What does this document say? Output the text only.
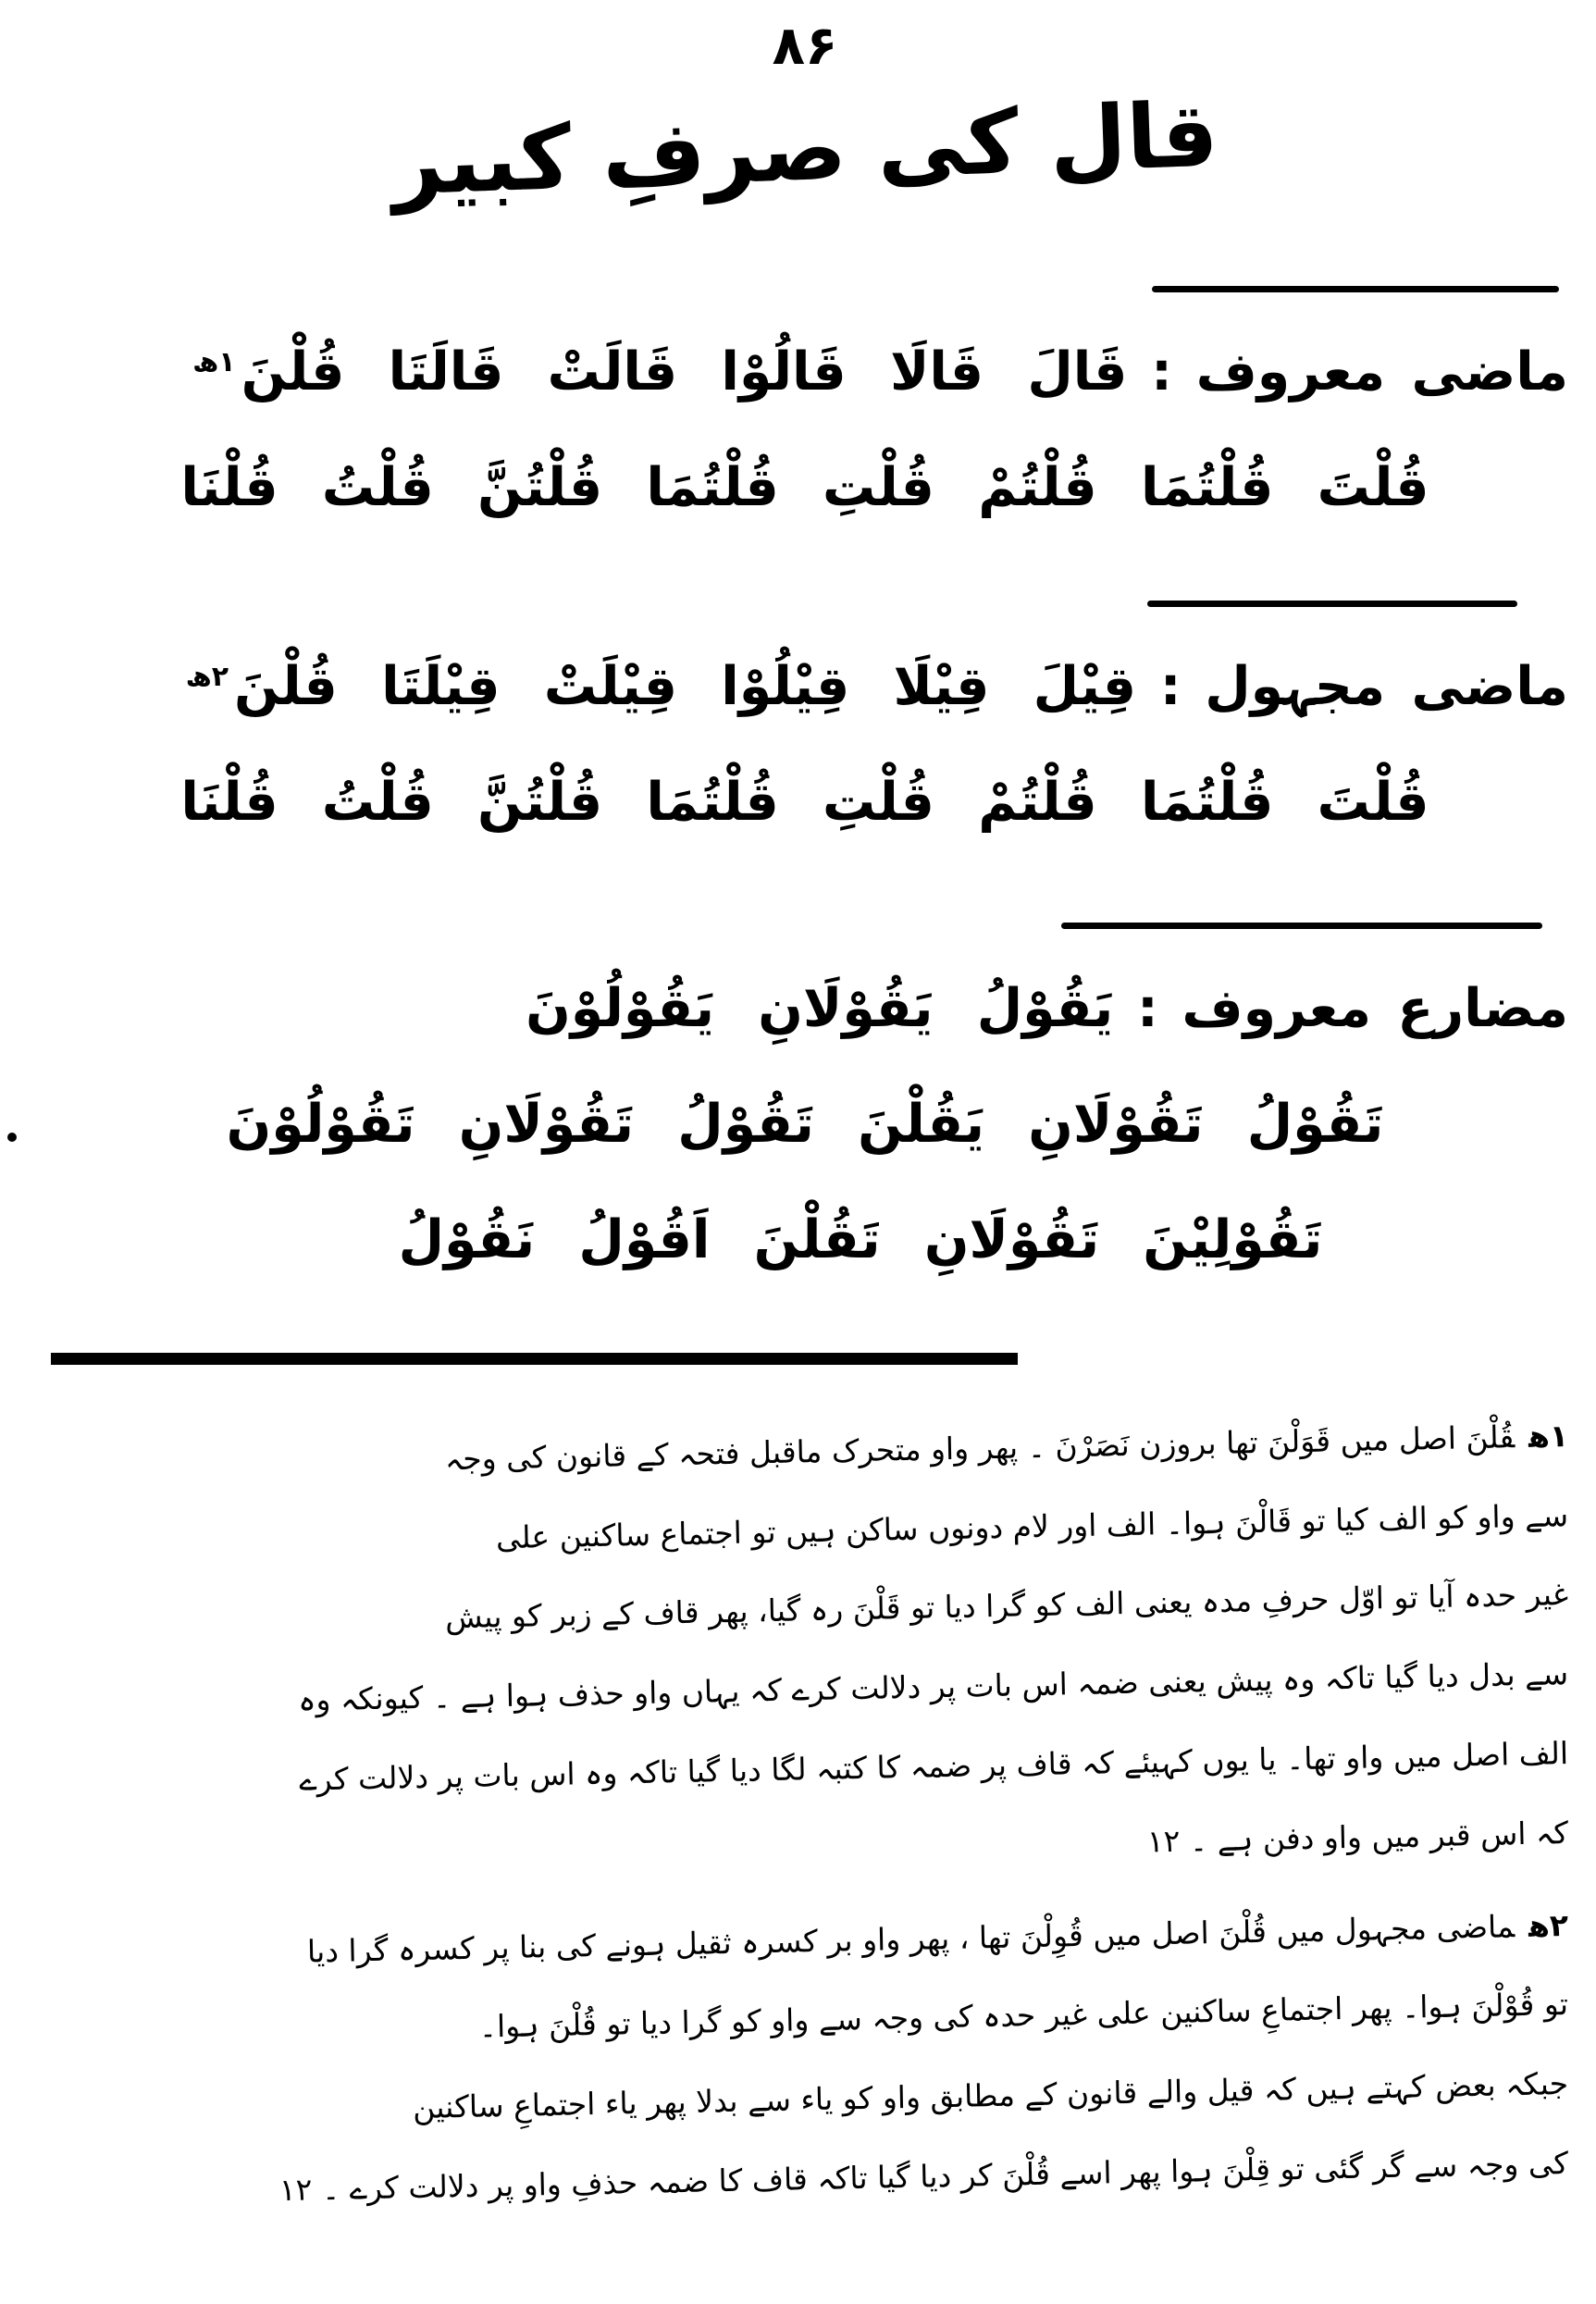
۸۶
قال کی صرفِ کبیر
ماضی معروف:قَالَ قَالَا قَالُوْا قَالَتْ قَالَتَا قُلْنَ$^{۱ھ}$
قُلْتَ قُلْتُمَا قُلْتُمْ قُلْتِ قُلْتُمَا قُلْتُنَّ قُلْتُ قُلْنَا
ماضی مجہول:قِيْلَ قِيْلَا قِيْلُوْا قِيْلَتْ قِيْلَتَا قُلْنَ$^{۲ھ}$
قُلْتَ قُلْتُمَا قُلْتُمْ قُلْتِ قُلْتُمَا قُلْتُنَّ قُلْتُ قُلْنَا
مضارع معروف:يَقُوْلُ يَقُوْلَانِ يَقُوْلُوْنَ
تَقُوْلُ تَقُوْلَانِ يَقُلْنَ تَقُوْلُ تَقُوْلَانِ تَقُوْلُوْنَ
تَقُوْلِيْنَ تَقُوْلَانِ تَقُلْنَ اَقُوْلُ نَقُوْلُ
۱ھقُلْنَ اصل میں قَوَلْنَ تھا بروزن نَصَرْنَ ۔ پھر واو متحرک ماقبل فتحہ کے قانون کی وجہ
سے واو کو الف کیا تو قَالْنَ ہوا۔ الف اور لام دونوں ساکن ہیں تو اجتماع ساکنین علی
غیر حدہ آیا تو اوّل حرفِ مدہ یعنی الف کو گرا دیا تو قَلْنَ رہ گیا، پھر قاف کے زبر کو پیش
سے بدل دیا گیا تاکہ وہ پیش یعنی ضمہ اس بات پر دلالت کرے کہ یہاں واو حذف ہوا ہے ۔ کیونکہ وہ
الف اصل میں واو تھا۔ یا یوں کہیئے کہ قاف پر ضمہ کا کتبہ لگا دیا گیا تاکہ وہ اس بات پر دلالت کرے
کہ اس قبر میں واو دفن ہے ۔ ۱۲
۲ھماضی مجہول میں قُلْنَ اصل میں قُوِلْنَ تھا ، پھر واو بر کسرہ ثقیل ہونے کی بنا پر کسرہ گرا دیا
تو قُوْلْنَ ہوا۔ پھر اجتماعِ ساکنین علی غیر حدہ کی وجہ سے واو کو گرا دیا تو قُلْنَ ہوا۔
جبکہ بعض کہتے ہیں کہ قیل والے قانون کے مطابق واو کو یاء سے بدلا پھر یاء اجتماعِ ساکنین
کی وجہ سے گر گئی تو قِلْنَ ہوا پھر اسے قُلْنَ کر دیا گیا تاکہ قاف کا ضمہ حذفِ واو پر دلالت کرے ۔ ۱۲
